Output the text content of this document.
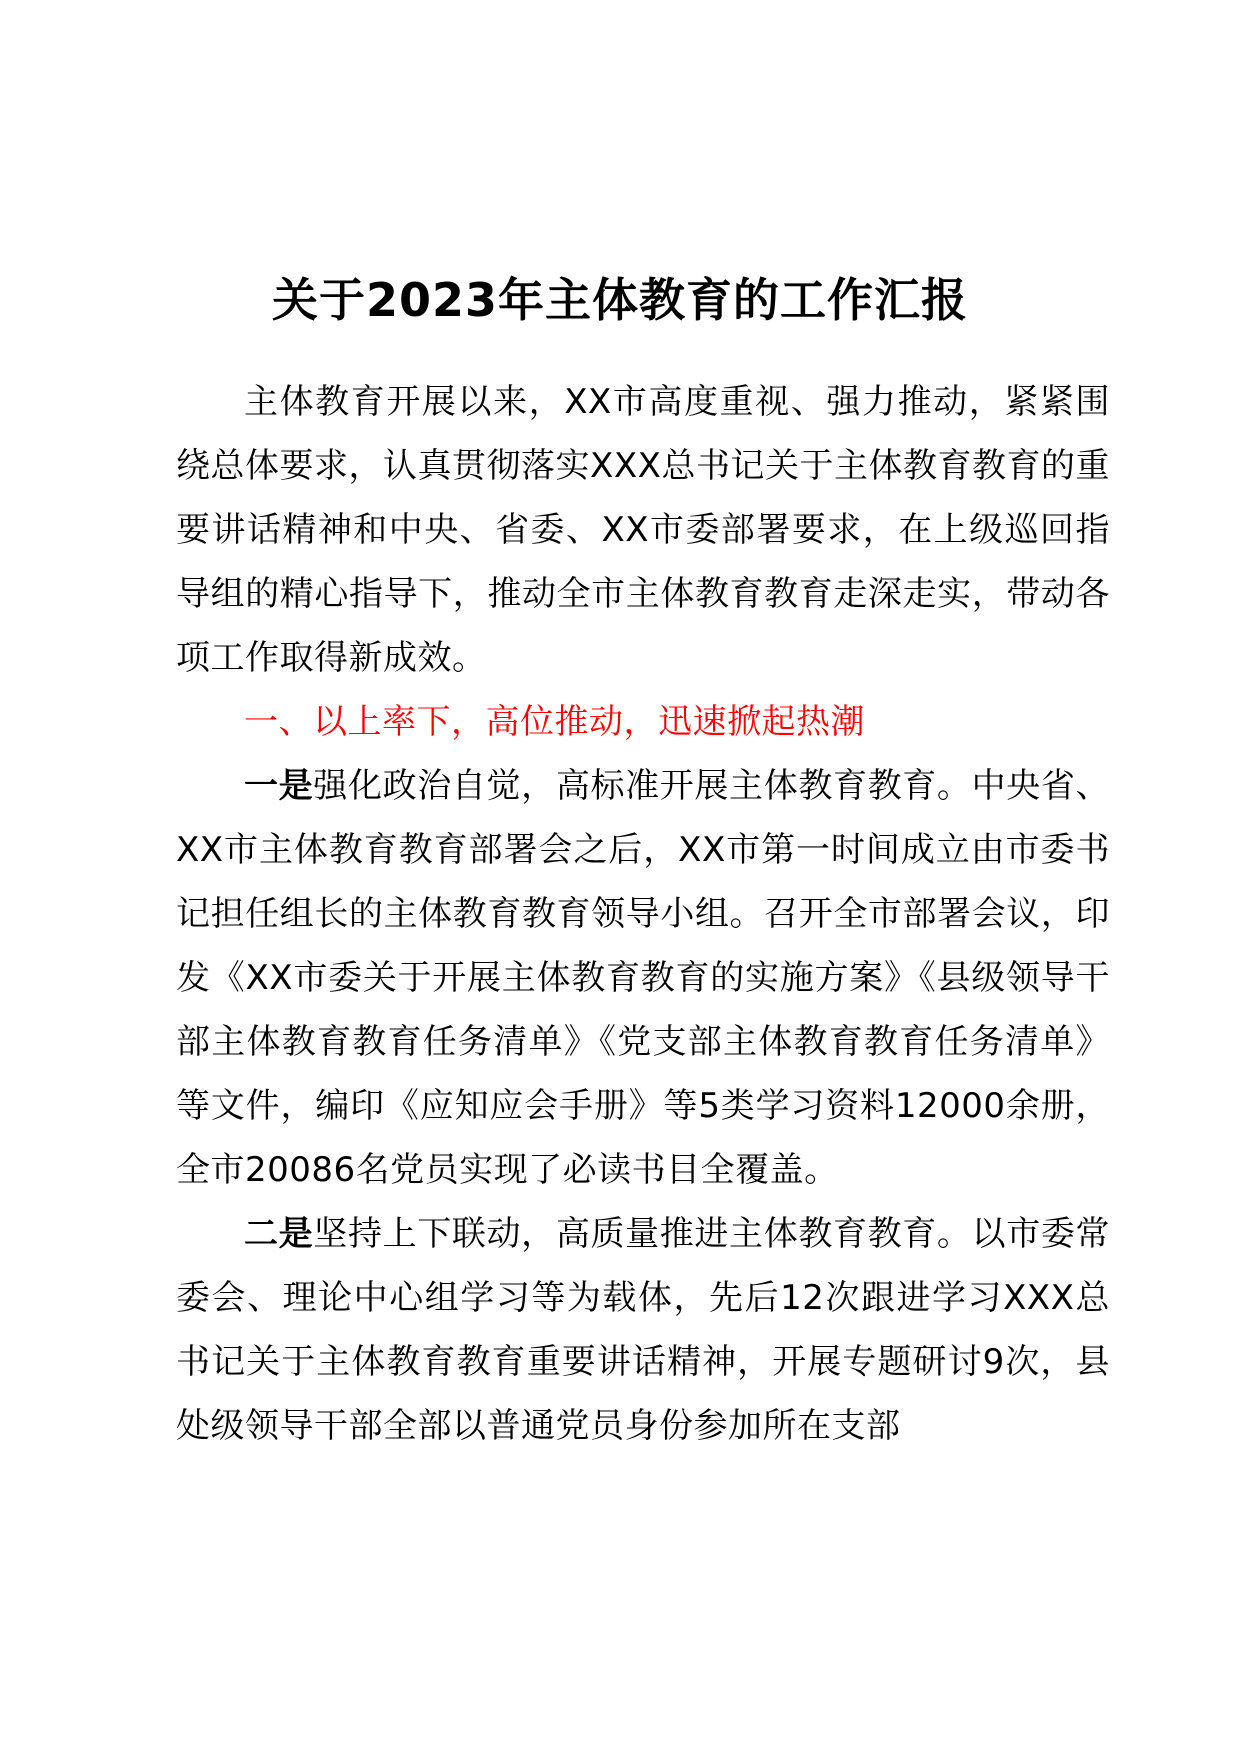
关于2023年主体教育的工作汇报

主体教育开展以来，XX市高度重视、强力推动，紧紧围绕总体要求，认真贯彻落实XXX总书记关于主体教育教育的重要讲话精神和中央、省委、XX市委部署要求，在上级巡回指导组的精心指导下，推动全市主体教育教育走深走实，带动各项工作取得新成效。

一、以上率下，高位推动，迅速掀起热潮

一是强化政治自觉，高标准开展主体教育教育。中央省、XX市主体教育教育部署会之后，XX市第一时间成立由市委书记担任组长的主体教育教育领导小组。召开全市部署会议，印发《XX市委关于开展主体教育教育的实施方案》《县级领导干部主体教育教育任务清单》《党支部主体教育教育任务清单》等文件，编印《应知应会手册》等5类学习资料12000余册，全市20086名党员实现了必读书目全覆盖。

二是坚持上下联动，高质量推进主体教育教育。以市委常委会、理论中心组学习等为载体，先后12次跟进学习XXX总书记关于主体教育教育重要讲话精神，开展专题研讨9次，县处级领导干部全部以普通党员身份参加所在支部
